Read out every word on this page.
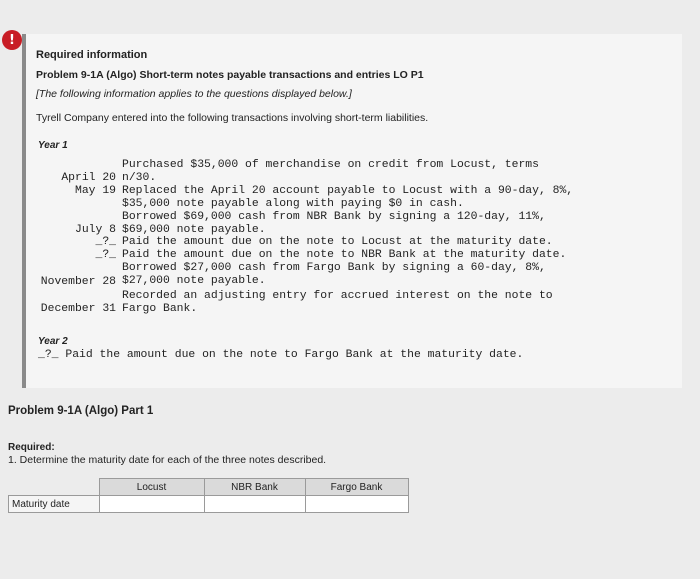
!
Required information
Problem 9-1A (Algo) Short-term notes payable transactions and entries LO P1
[The following information applies to the questions displayed below.]
Tyrell Company entered into the following transactions involving short-term liabilities.
Year 1
April 20
Purchased $35,000 of merchandise on credit from Locust, terms
n/30.
May 19 Replaced the April 20 account payable to Locust with a 90-day, 8%,
$35,000 note payable along with paying $0 in cash.
July 8
Borrowed $69,000 cash from NBR Bank by signing a 120-day, 11%,
$69,000 note payable.
_?_ Paid the amount due on the note to Locust at the maturity date.
_?_ Paid the amount due on the note to NBR Bank at the maturity date.
November 28
Borrowed $27,000 cash from Fargo Bank by signing a 60-day, 8%,
$27,000 note payable.
December 31
Recorded an adjusting entry for accrued interest on the note to
Fargo Bank.
Year 2
_?_ Paid the amount due on the note to Fargo Bank at the maturity date.
Problem 9-1A (Algo) Part 1
Required:
1. Determine the maturity date for each of the three notes described.
	Locust	NBR Bank	Fargo Bank
Maturity date			
